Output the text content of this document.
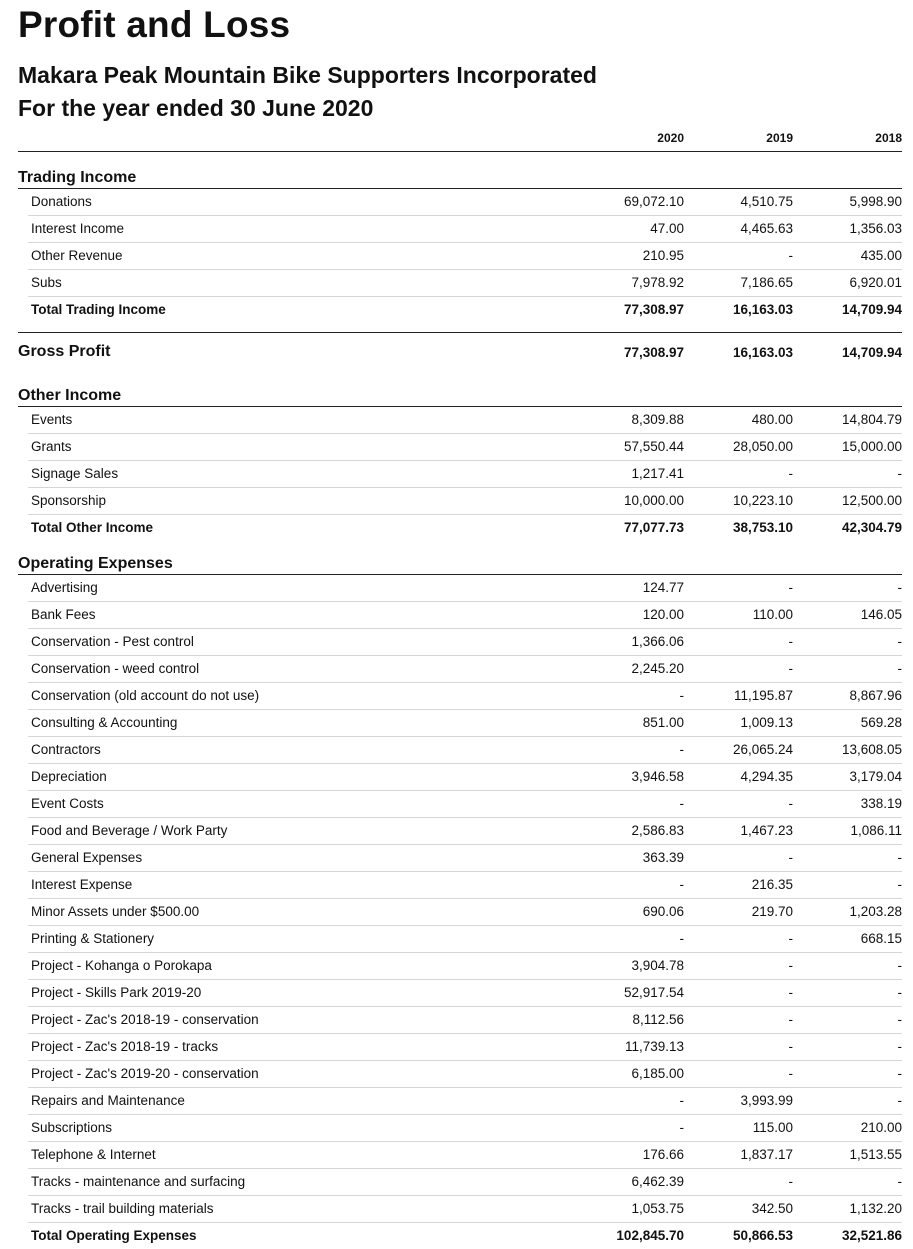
Profit and Loss
Makara Peak Mountain Bike Supporters Incorporated
For the year ended 30 June 2020
2020	2019	2018
Trading Income
Donations	69,072.10	4,510.75	5,998.90
Interest Income	47.00	4,465.63	1,356.03
Other Revenue	210.95	-	435.00
Subs	7,978.92	7,186.65	6,920.01
Total Trading Income	77,308.97	16,163.03	14,709.94
Gross Profit	77,308.97	16,163.03	14,709.94
Other Income
Events	8,309.88	480.00	14,804.79
Grants	57,550.44	28,050.00	15,000.00
Signage Sales	1,217.41	-	-
Sponsorship	10,000.00	10,223.10	12,500.00
Total Other Income	77,077.73	38,753.10	42,304.79
Operating Expenses
Advertising	124.77	-	-
Bank Fees	120.00	110.00	146.05
Conservation - Pest control	1,366.06	-	-
Conservation - weed control	2,245.20	-	-
Conservation (old account do not use)	-	11,195.87	8,867.96
Consulting & Accounting	851.00	1,009.13	569.28
Contractors	-	26,065.24	13,608.05
Depreciation	3,946.58	4,294.35	3,179.04
Event Costs	-	-	338.19
Food and Beverage / Work Party	2,586.83	1,467.23	1,086.11
General Expenses	363.39	-	-
Interest Expense	-	216.35	-
Minor Assets under $500.00	690.06	219.70	1,203.28
Printing & Stationery	-	-	668.15
Project - Kohanga o Porokapa	3,904.78	-	-
Project - Skills Park 2019-20	52,917.54	-	-
Project - Zac's 2018-19 - conservation	8,112.56	-	-
Project - Zac's 2018-19 - tracks	11,739.13	-	-
Project - Zac's 2019-20 - conservation	6,185.00	-	-
Repairs and Maintenance	-	3,993.99	-
Subscriptions	-	115.00	210.00
Telephone & Internet	176.66	1,837.17	1,513.55
Tracks - maintenance and surfacing	6,462.39	-	-
Tracks - trail building materials	1,053.75	342.50	1,132.20
Total Operating Expenses	102,845.70	50,866.53	32,521.86
